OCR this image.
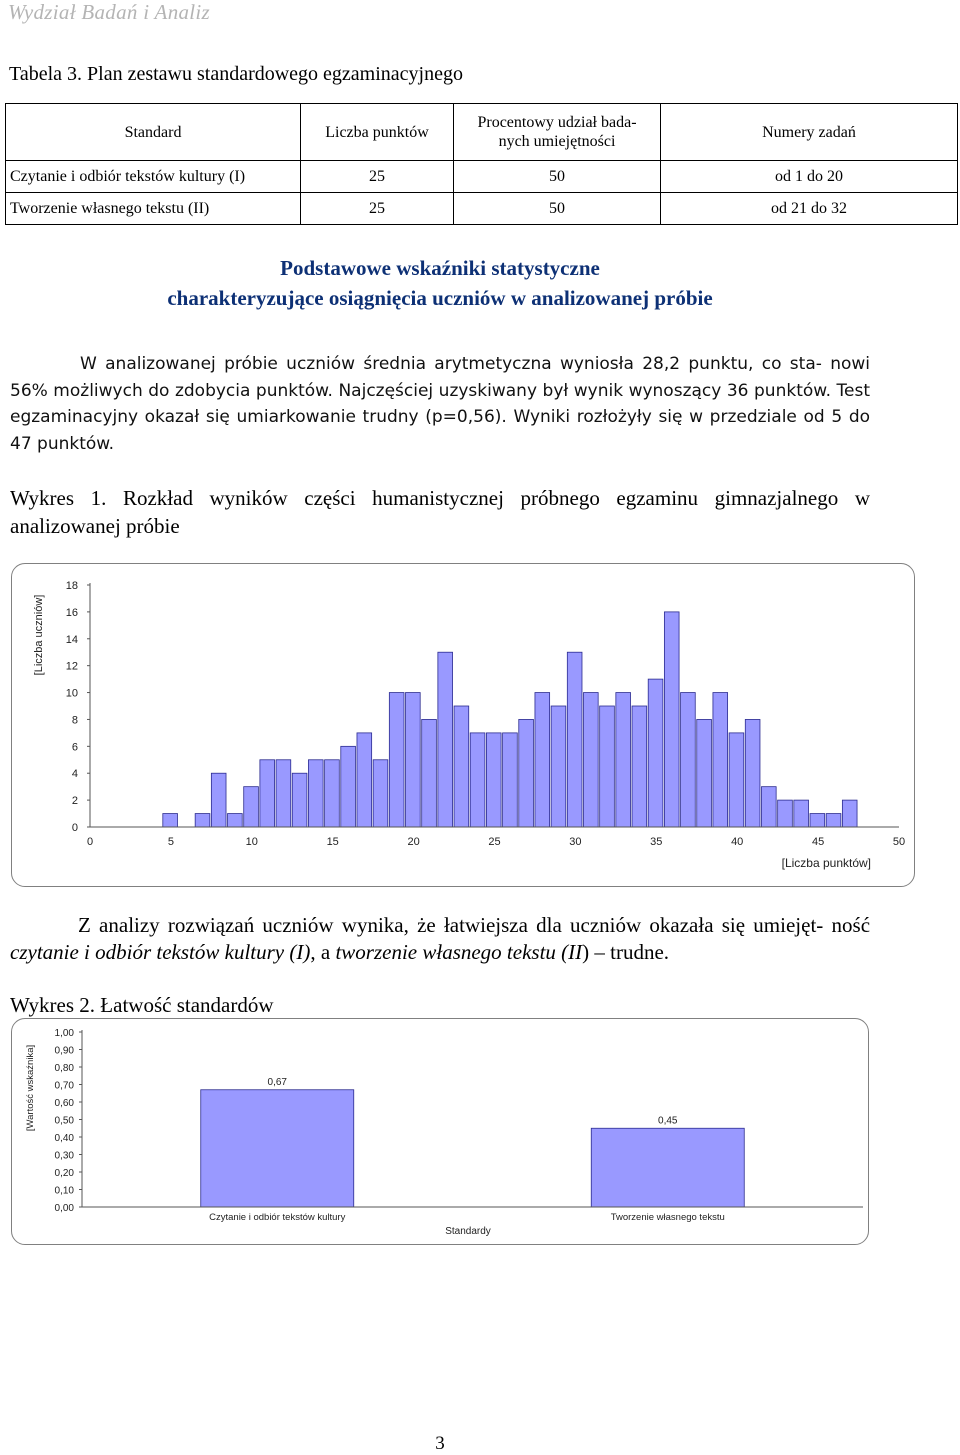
Wydział Badań i Analiz
Tabela 3. Plan zestawu standardowego egzaminacyjnego
Standard	Liczba punktów	Procentowy udział bada-
nych umiejętności	Numery zadań
Czytanie i odbiór tekstów kultury (I)	25	50	od 1 do 20
Tworzenie własnego tekstu (II)	25	50	od 21 do 32
Podstawowe wskaźniki statystyczne
charakteryzujące osiągnięcia uczniów w analizowanej próbie
W analizowanej próbie uczniów średnia arytmetyczna wyniosła 28,2 punktu, co sta- nowi 56% możliwych do zdobycia punktów. Najczęściej uzyskiwany był wynik wynoszący 36 punktów. Test egzaminacyjny okazał się umiarkowanie trudny (p=0,56). Wyniki rozłożyły się w przedziale od 5 do 47 punktów.
Wykres 1. Rozkład wyników części humanistycznej próbnego egzaminu gimnazjalnego w analizowanej próbie
0
2
4
6
8
10
12
14
16
18
0	5	10	15	20	25	30	35	40	45	50
[Liczba uczniów]
[Liczba punktów]
Z analizy rozwiązań uczniów wynika, że łatwiejsza dla uczniów okazała się umiejęt- ność czytanie i odbiór tekstów kultury (I), a tworzenie własnego tekstu (II) – trudne.
Wykres 2. Łatwość standardów
0,00
0,10
0,20
0,30
0,40
0,50
0,60
0,70
0,80
0,90
1,00
0,67
Czytanie i odbiór tekstów kultury
0,45
Tworzenie własnego tekstu
[Wartość wskaźnika]
Standardy
3
